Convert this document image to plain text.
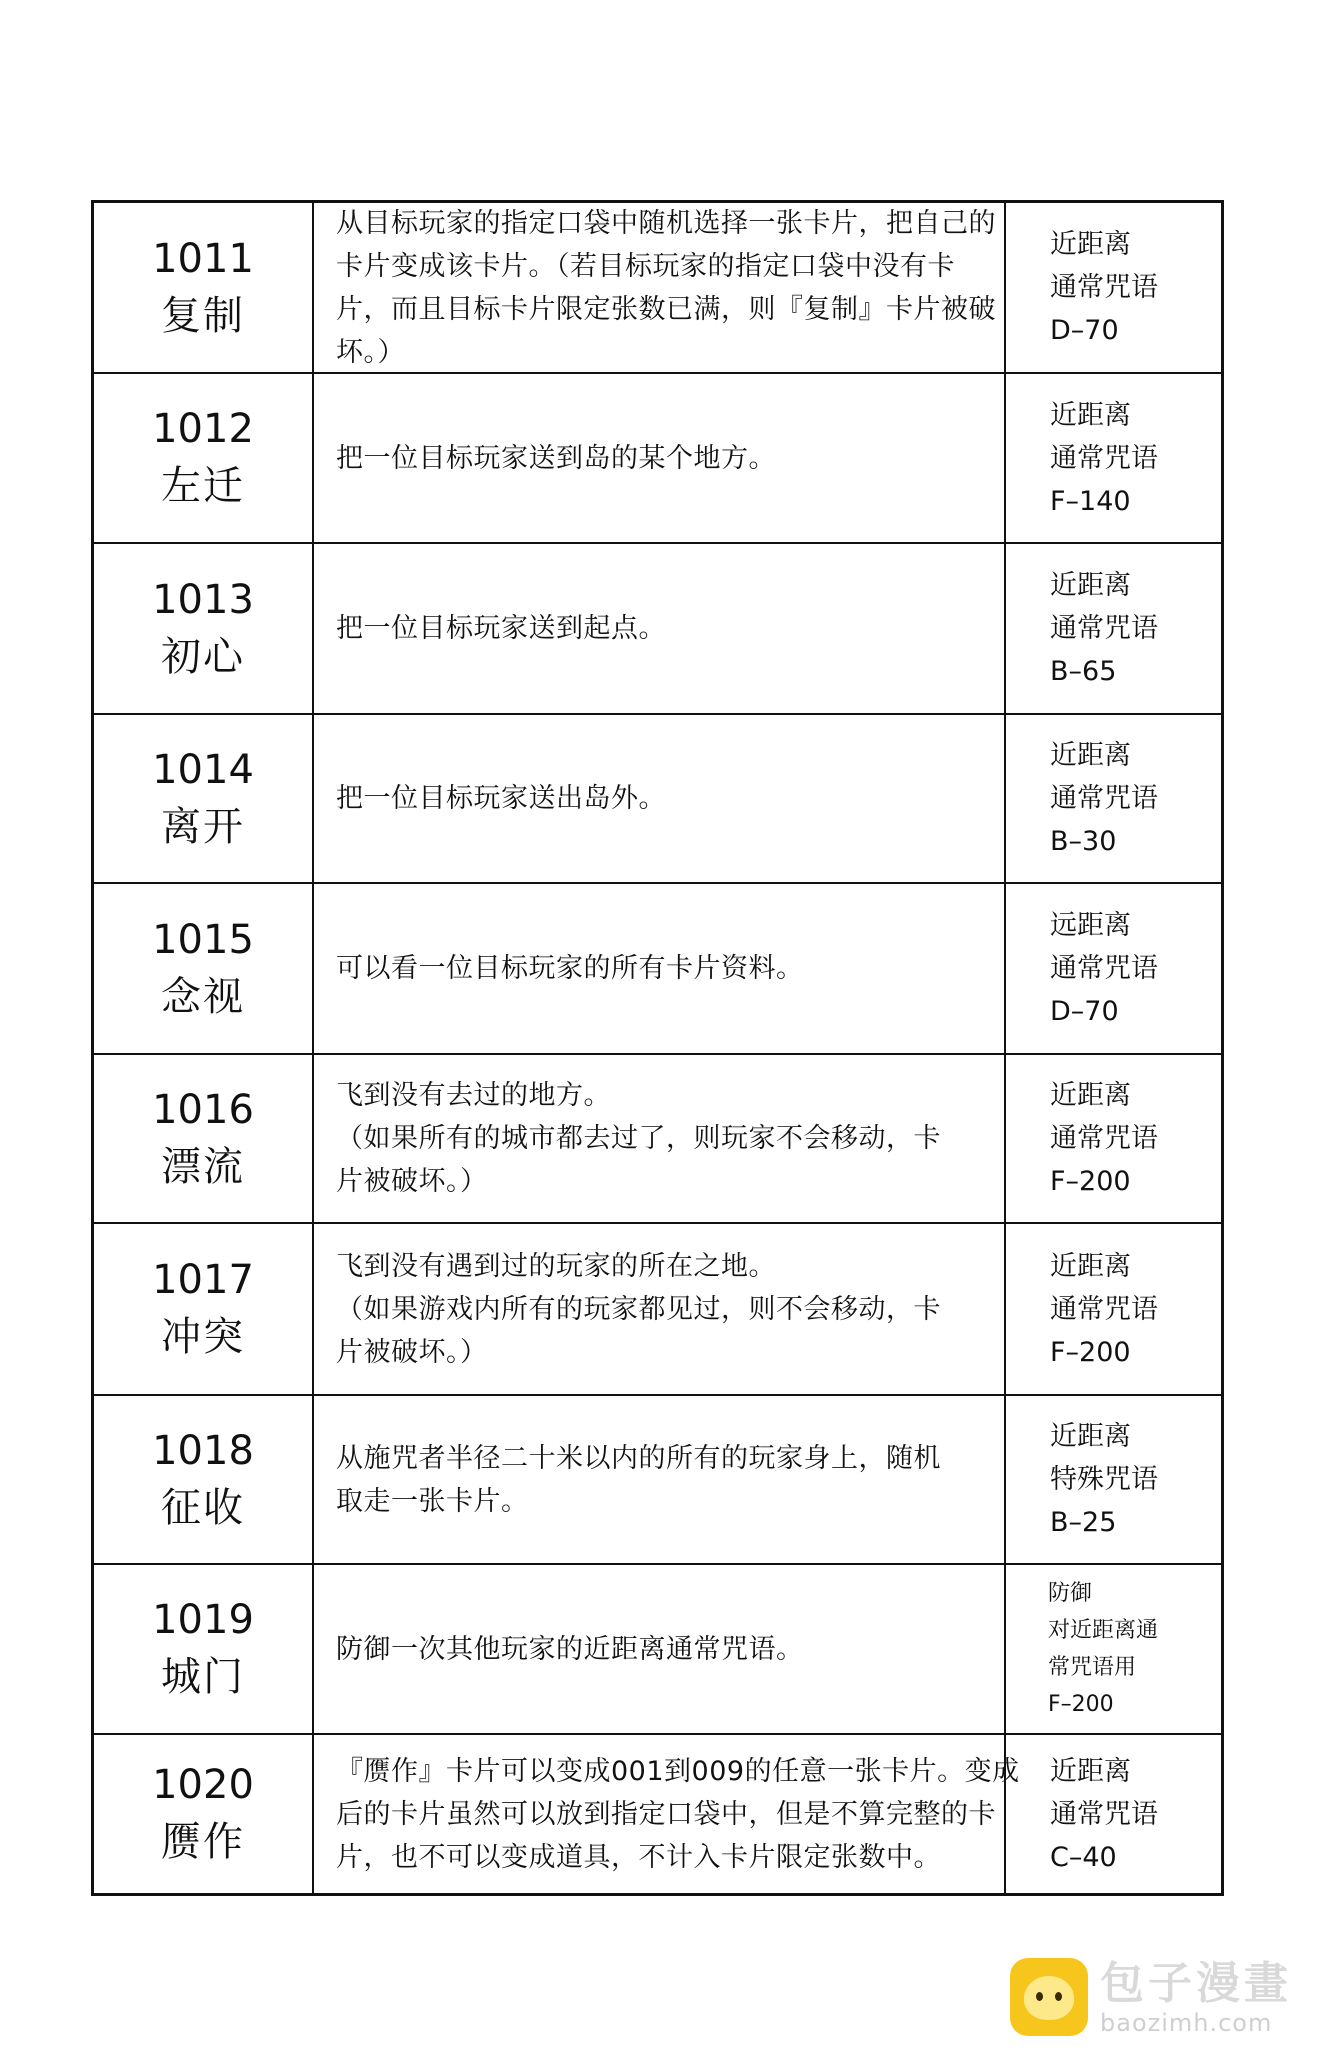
1011
复制
从目标玩家的指定口袋中随机选择一张卡片，把自己的
卡片变成该卡片。（若目标玩家的指定口袋中没有卡
片，而且目标卡片限定张数已满，则『复制』卡片被破
坏。）
近距离
通常咒语
D–70
1012
左迁
把一位目标玩家送到岛的某个地方。
近距离
通常咒语
F–140
1013
初心
把一位目标玩家送到起点。
近距离
通常咒语
B–65
1014
离开
把一位目标玩家送出岛外。
近距离
通常咒语
B–30
1015
念视
可以看一位目标玩家的所有卡片资料。
远距离
通常咒语
D–70
1016
漂流
飞到没有去过的地方。
（如果所有的城市都去过了，则玩家不会移动，卡
片被破坏。）
近距离
通常咒语
F–200
1017
冲突
飞到没有遇到过的玩家的所在之地。
（如果游戏内所有的玩家都见过，则不会移动，卡
片被破坏。）
近距离
通常咒语
F–200
1018
征收
从施咒者半径二十米以内的所有的玩家身上，随机
取走一张卡片。
近距离
特殊咒语
B–25
1019
城门
防御一次其他玩家的近距离通常咒语。
防御
对近距离通
常咒语用
F–200
1020
赝作
『赝作』卡片可以变成001到009的任意一张卡片。变成
后的卡片虽然可以放到指定口袋中，但是不算完整的卡
片，也不可以变成道具，不计入卡片限定张数中。
近距离
通常咒语
C–40
包子漫畫
baozimh.com
